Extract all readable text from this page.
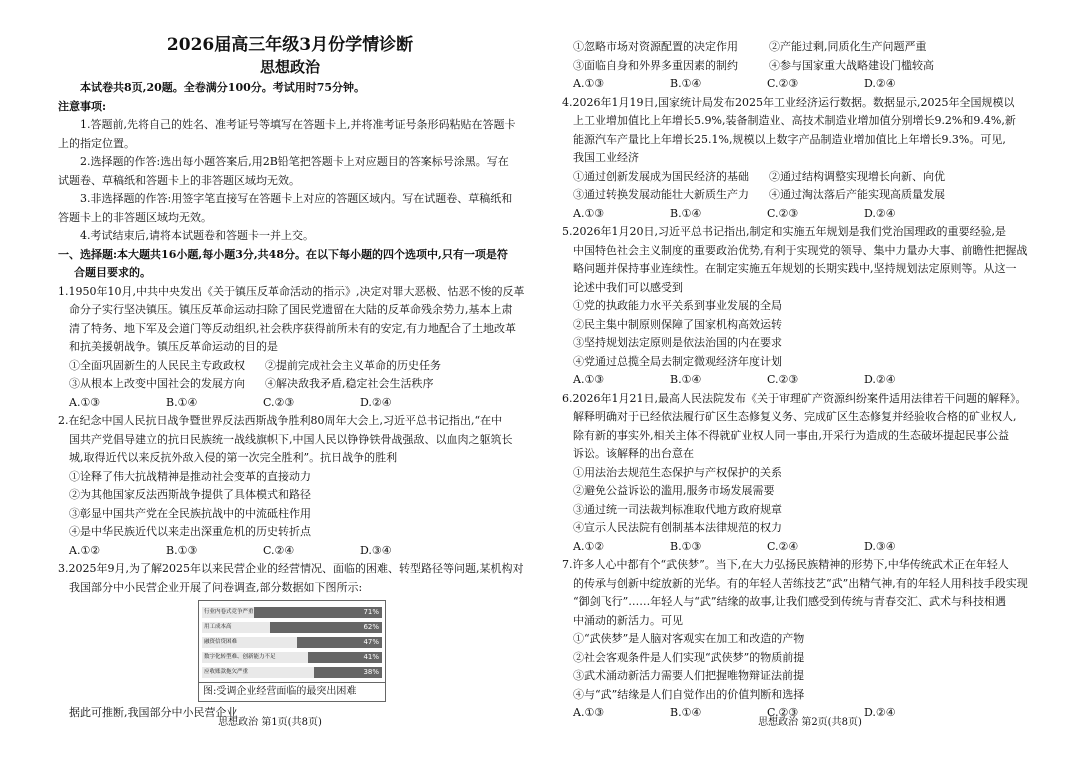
2026届高三年级3月份学情诊断
思想政治

本试卷共8页,20题。全卷满分100分。考试用时75分钟。

注意事项:

1.答题前,先将自己的姓名、准考证号等填写在答题卡上,并将准考证号条形码粘贴在答题卡

上的指定位置。

2.选择题的作答:选出每小题答案后,用2B铅笔把答题卡上对应题目的答案标号涂黑。写在

试题卷、草稿纸和答题卡上的非答题区域均无效。

3.非选择题的作答:用签字笔直接写在答题卡上对应的答题区域内。写在试题卷、草稿纸和

答题卡上的非答题区域均无效。

4.考试结束后,请将本试题卷和答题卡一并上交。

一、选择题:本大题共16小题,每小题3分,共48分。在以下每小题的四个选项中,只有一项是符

合题目要求的。

1.1950年10月,中共中央发出《关于镇压反革命活动的指示》,决定对罪大恶极、怙恶不悛的反革

命分子实行坚决镇压。镇压反革命运动扫除了国民党遗留在大陆的反革命残余势力,基本上肃

清了特务、地下军及会道门等反动组织,社会秩序获得前所未有的安定,有力地配合了土地改革

和抗美援朝战争。镇压反革命运动的目的是

①全面巩固新生的人民民主专政政权	②提前完成社会主义革命的历史任务
③从根本上改变中国社会的发展方向	④解决敌我矛盾,稳定社会生活秩序
A.①③	B.①④	C.②③	D.②④

2.在纪念中国人民抗日战争暨世界反法西斯战争胜利80周年大会上,习近平总书记指出,“在中

国共产党倡导建立的抗日民族统一战线旗帜下,中国人民以铮铮铁骨战强敌、以血肉之躯筑长

城,取得近代以来反抗外敌入侵的第一次完全胜利”。抗日战争的胜利

①诠释了伟大抗战精神是推动社会变革的直接动力

②为其他国家反法西斯战争提供了具体模式和路径

③彰显中国共产党在全民族抗战中的中流砥柱作用

④是中华民族近代以来走出深重危机的历史转折点

A.①②	B.①③	C.②④	D.③④

3.2025年9月,为了解2025年以来民营企业的经营情况、面临的困难、转型路径等问题,某机构对

我国部分中小民营企业开展了问卷调查,部分数据如下图所示:

行业内卷式竞争严重	71%
用工成本高	62%
融资信贷困难	47%
数字化转型难、创新能力不足	41%
应收账款拖欠严重	38%
图:受调企业经营面临的最突出困难

据此可推断,我国部分中小民营企业

思想政治 第1页(共8页)
①忽略市场对资源配置的决定作用	②产能过剩,同质化生产问题严重
③面临自身和外界多重因素的制约	④参与国家重大战略建设门槛较高
A.①③	B.①④	C.②③	D.②④

4.2026年1月19日,国家统计局发布2025年工业经济运行数据。数据显示,2025年全国规模以

上工业增加值比上年增长5.9%,装备制造业、高技术制造业增加值分别增长9.2%和9.4%,新

能源汽车产量比上年增长25.1%,规模以上数字产品制造业增加值比上年增长9.3%。可见,

我国工业经济

①通过创新发展成为国民经济的基础	②通过结构调整实现增长向新、向优
③通过转换发展动能壮大新质生产力	④通过淘汰落后产能实现高质量发展
A.①③	B.①④	C.②③	D.②④

5.2026年1月20日,习近平总书记指出,制定和实施五年规划是我们党治国理政的重要经验,是

中国特色社会主义制度的重要政治优势,有利于实现党的领导、集中力量办大事、前瞻性把握战

略问题并保持事业连续性。在制定实施五年规划的长期实践中,坚持规划法定原则等。从这一

论述中我们可以感受到

①党的执政能力水平关系到事业发展的全局

②民主集中制原则保障了国家机构高效运转

③坚持规划法定原则是依法治国的内在要求

④党通过总揽全局去制定微观经济年度计划

A.①③	B.①④	C.②③	D.②④

6.2026年1月21日,最高人民法院发布《关于审理矿产资源纠纷案件适用法律若干问题的解释》。

解释明确对于已经依法履行矿区生态修复义务、完成矿区生态修复并经验收合格的矿业权人,

除有新的事实外,相关主体不得就矿业权人同一事由,开采行为造成的生态破坏提起民事公益

诉讼。该解释的出台意在

①用法治去规范生态保护与产权保护的关系

②避免公益诉讼的滥用,服务市场发展需要

③通过统一司法裁判标准取代地方政府规章

④宣示人民法院有创制基本法律规范的权力

A.①②	B.①③	C.②④	D.③④

7.许多人心中都有个“武侠梦”。当下,在大力弘扬民族精神的形势下,中华传统武术正在年轻人

的传承与创新中绽放新的光华。有的年轻人苦练技艺“武”出精气神,有的年轻人用科技手段实现

“御剑飞行”……年轻人与“武”结缘的故事,让我们感受到传统与青春交汇、武术与科技相遇

中涌动的新活力。可见

①“武侠梦”是人脑对客观实在加工和改造的产物

②社会客观条件是人们实现“武侠梦”的物质前提

③武术涌动新活力需要人们把握唯物辩证法前提

④与“武”结缘是人们自觉作出的价值判断和选择

A.①③	B.①④	C.②③	D.②④
思想政治 第2页(共8页)
